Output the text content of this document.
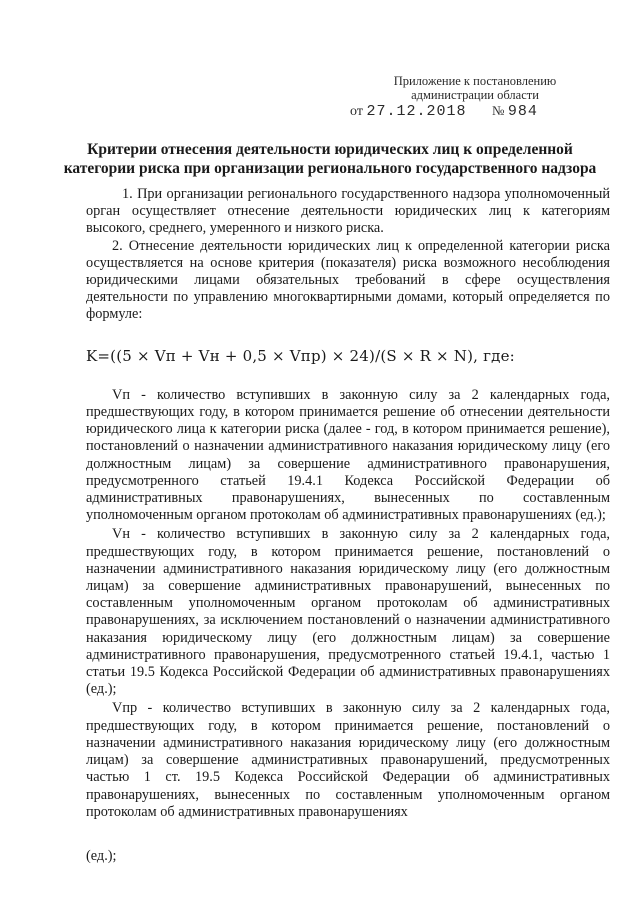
Приложение к постановлению
администрации области
от 27.12.2018 № 984
Критерии отнесения деятельности юридических лиц к определенной категории риска при организации регионального государственного надзора

1. При организации регионального государственного надзора уполномоченный орган осуществляет отнесение деятельности юридических лиц к категориям высокого, среднего, умеренного и низкого риска.

2. Отнесение деятельности юридических лиц к определенной категории риска осуществляется на основе критерия (показателя) риска возможного несоблюдения юридическими лицами обязательных требований в сфере осуществления деятельности по управлению многоквартирными домами, который определяется по формуле:

K=((5 × Vп + Vн + 0,5 × Vпр) × 24)/(S × R × N), где:

Vп - количество вступивших в законную силу за 2 календарных года, предшествующих году, в котором принимается решение об отнесении деятельности юридического лица к категории риска (далее - год, в котором принимается решение), постановлений о назначении административного наказания юридическому лицу (его должностным лицам) за совершение административного правонарушения, предусмотренного статьей 19.4.1 Кодекса Российской Федерации об административных правонарушениях, вынесенных по составленным уполномоченным органом протоколам об административных правонарушениях (ед.);

Vн - количество вступивших в законную силу за 2 календарных года, предшествующих году, в котором принимается решение, постановлений о назначении административного наказания юридическому лицу (его должностным лицам) за совершение административных правонарушений, вынесенных по составленным уполномоченным органом протоколам об административных правонарушениях, за исключением постановлений о назначении административного наказания юридическому лицу (его должностным лицам) за совершение административного правонарушения, предусмотренного статьей 19.4.1, частью 1 статьи 19.5 Кодекса Российской Федерации об административных правонарушениях (ед.);

Vпр - количество вступивших в законную силу за 2 календарных года, предшествующих году, в котором принимается решение, постановлений о назначении административного наказания юридическому лицу (его должностным лицам) за совершение административных правонарушений, предусмотренных частью 1 ст. 19.5 Кодекса Российской Федерации об административных правонарушениях, вынесенных по составленным уполномоченным органом протоколам об административных правонарушениях

(ед.);
